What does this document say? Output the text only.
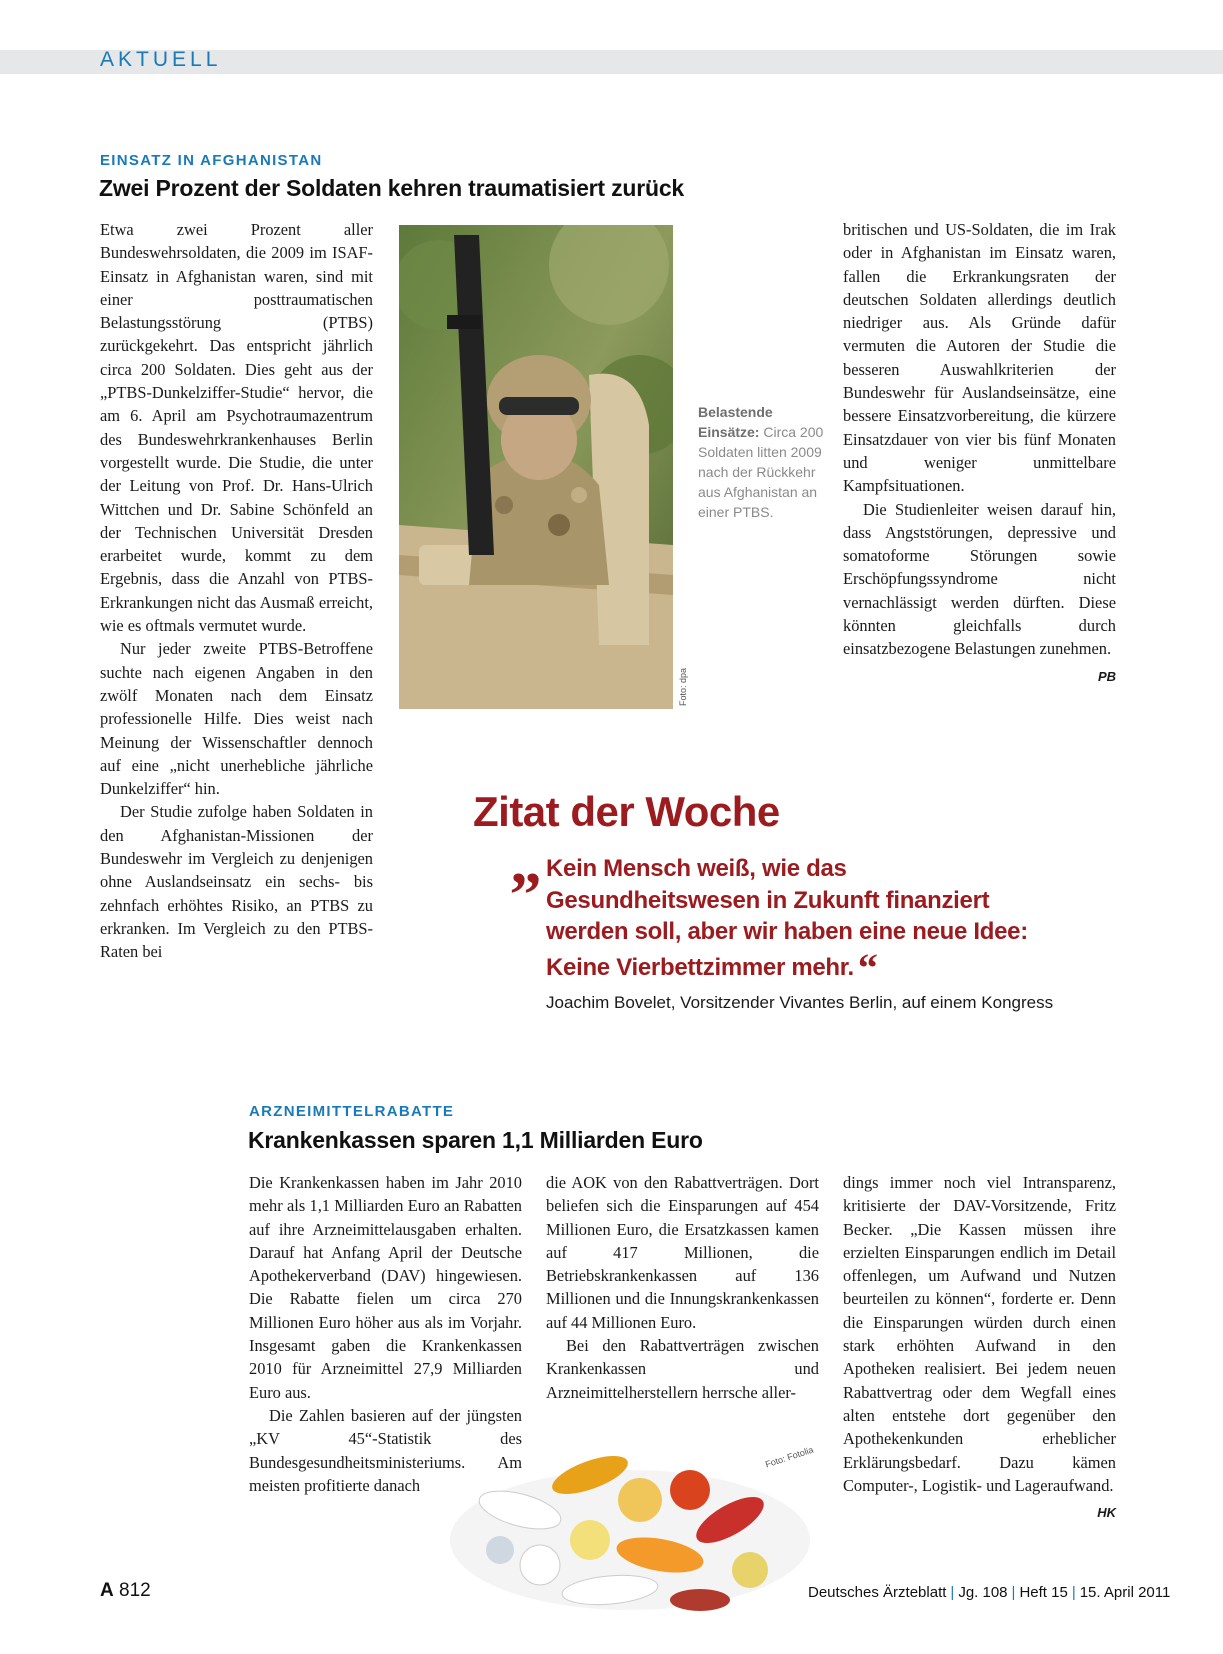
AKTUELL
EINSATZ IN AFGHANISTAN
Zwei Prozent der Soldaten kehren traumatisiert zurück

Etwa zwei Prozent aller Bundeswehrsoldaten, die 2009 im ISAF-Einsatz in Afghanistan waren, sind mit einer posttraumatischen Belastungsstörung (PTBS) zurückgekehrt. Das entspricht jährlich circa 200 Soldaten. Dies geht aus der „PTBS-Dunkelziffer-Studie“ hervor, die am 6. April am Psychotraumazentrum des Bundeswehrkrankenhauses Berlin vorgestellt wurde. Die Studie, die unter der Leitung von Prof. Dr. Hans-Ulrich Wittchen und Dr. Sabine Schönfeld an der Technischen Universität Dresden erarbeitet wurde, kommt zu dem Ergebnis, dass die Anzahl von PTBS-Erkrankungen nicht das Ausmaß erreicht, wie es oftmals vermutet wurde.

Nur jeder zweite PTBS-Betroffene suchte nach eigenen Angaben in den zwölf Monaten nach dem Einsatz professionelle Hilfe. Dies weist nach Meinung der Wissenschaftler dennoch auf eine „nicht unerhebliche jährliche Dunkelziffer“ hin.

Der Studie zufolge haben Soldaten in den Afghanistan-Missionen der Bundeswehr im Vergleich zu denjenigen ohne Auslandseinsatz ein sechs- bis zehnfach erhöhtes Risiko, an PTBS zu erkranken. Im Vergleich zu den PTBS-Raten bei

Foto: dpa
Belastende Einsätze: Circa 200 Soldaten litten 2009 nach der Rückkehr aus Afghanistan an einer PTBS.

britischen und US-Soldaten, die im Irak oder in Afghanistan im Einsatz waren, fallen die Erkrankungsraten der deutschen Soldaten allerdings deutlich niedriger aus. Als Gründe dafür vermuten die Autoren der Studie die besseren Auswahlkriterien der Bundeswehr für Auslandseinsätze, eine bessere Einsatzvorbereitung, die kürzere Einsatzdauer von vier bis fünf Monaten und weniger unmittelbare Kampfsituationen.

Die Studienleiter weisen darauf hin, dass Angststörungen, depressive und somatoforme Störungen sowie Erschöpfungssyndrome nicht vernachlässigt werden dürften. Diese könnten gleichfalls durch einsatzbezogene Belastungen zunehmen.
PB

Zitat der Woche
„ Kein Mensch weiß, wie das Gesundheitswesen in Zukunft finanziert werden soll, aber wir haben eine neue Idee: Keine Vierbettzimmer mehr. “
Joachim Bovelet, Vorsitzender Vivantes Berlin, auf einem Kongress
ARZNEIMITTELRABATTE
Krankenkassen sparen 1,1 Milliarden Euro

Die Krankenkassen haben im Jahr 2010 mehr als 1,1 Milliarden Euro an Rabatten auf ihre Arzneimittelausgaben erhalten. Darauf hat Anfang April der Deutsche Apothekerverband (DAV) hingewiesen. Die Rabatte fielen um circa 270 Millionen Euro höher aus als im Vorjahr. Insgesamt gaben die Krankenkassen 2010 für Arzneimittel 27,9 Milliarden Euro aus.

Die Zahlen basieren auf der jüngsten „KV 45“-Statistik des Bundesgesundheitsministeriums. Am meisten profitierte danach

die AOK von den Rabattverträgen. Dort beliefen sich die Einsparungen auf 454 Millionen Euro, die Ersatzkassen kamen auf 417 Millionen, die Betriebskrankenkassen auf 136 Millionen und die Innungskrankenkassen auf 44 Millionen Euro.

Bei den Rabattverträgen zwischen Krankenkassen und Arzneimittelherstellern herrsche aller-

Foto: Fotolia

dings immer noch viel Intransparenz, kritisierte der DAV-Vorsitzende, Fritz Becker. „Die Kassen müssen ihre erzielten Einsparungen endlich im Detail offenlegen, um Aufwand und Nutzen beurteilen zu können“, forderte er. Denn die Einsparungen würden durch einen stark erhöhten Aufwand in den Apotheken realisiert. Bei jedem neuen Rabattvertrag oder dem Wegfall eines alten entstehe dort gegenüber den Apothekenkunden erheblicher Erklärungsbedarf. Dazu kämen Computer-, Logistik- und Lageraufwand.
HK

A 812	Deutsches Ärzteblatt | Jg. 108 | Heft 15 | 15. April 2011
